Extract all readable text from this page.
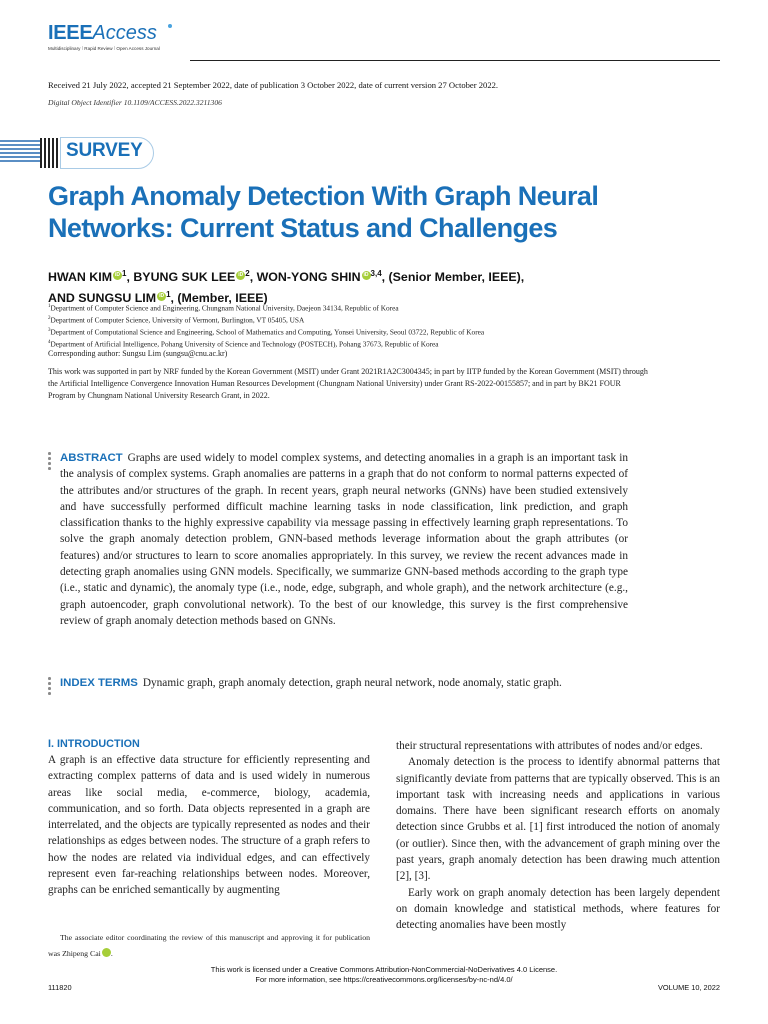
IEEEAccess
Multidisciplinary ⁞ Rapid Review ⁞ Open Access Journal
Received 21 July 2022, accepted 21 September 2022, date of publication 3 October 2022, date of current version 27 October 2022.
Digital Object Identifier 10.1109/ACCESS.2022.3211306
SURVEY
Graph Anomaly Detection With Graph Neural
Networks: Current Status and Challenges
HWAN KIM iD $^1$, BYUNG SUK LEE iD $^2$, WON-YONG SHIN iD $^{3,4}$, (Senior Member, IEEE),
AND SUNGSU LIM iD $^1$, (Member, IEEE)
$^1$Department of Computer Science and Engineering, Chungnam National University, Daejeon 34134, Republic of Korea
$^2$Department of Computer Science, University of Vermont, Burlington, VT 05405, USA
$^3$Department of Computational Science and Engineering, School of Mathematics and Computing, Yonsei University, Seoul 03722, Republic of Korea
$^4$Department of Artificial Intelligence, Pohang University of Science and Technology (POSTECH), Pohang 37673, Republic of Korea
Corresponding author: Sungsu Lim (sungsu@cnu.ac.kr)
This work was supported in part by NRF funded by the Korean Government (MSIT) under Grant 2021R1A2C3004345; in part by IITP funded by the Korean Government (MSIT) through the Artificial Intelligence Convergence Innovation Human Resources Development (Chungnam National University) under Grant RS-2022-00155857; and in part by BK21 FOUR Program by Chungnam National University Research Grant, in 2022.
ABSTRACT Graphs are used widely to model complex systems, and detecting anomalies in a graph is an important task in the analysis of complex systems. Graph anomalies are patterns in a graph that do not conform to normal patterns expected of the attributes and/or structures of the graph. In recent years, graph neural networks (GNNs) have been studied extensively and have successfully performed difficult machine learning tasks in node classification, link prediction, and graph classification thanks to the highly expressive capability via message passing in effectively learning graph representations. To solve the graph anomaly detection problem, GNN-based methods leverage information about the graph attributes (or features) and/or structures to learn to score anomalies appropriately. In this survey, we review the recent advances made in detecting graph anomalies using GNN models. Specifically, we summarize GNN-based methods according to the graph type (i.e., static and dynamic), the anomaly type (i.e., node, edge, subgraph, and whole graph), and the network architecture (e.g., graph autoencoder, graph convolutional network). To the best of our knowledge, this survey is the first comprehensive review of graph anomaly detection methods based on GNNs.
INDEX TERMS Dynamic graph, graph anomaly detection, graph neural network, node anomaly, static graph.
I. INTRODUCTION

A graph is an effective data structure for efficiently representing and extracting complex patterns of data and is used widely in numerous areas like social media, e-commerce, biology, academia, communication, and so forth. Data objects represented in a graph are interrelated, and the objects are typically represented as nodes and their relationships as edges between nodes. The structure of a graph refers to how the nodes are related via individual edges, and can effectively represent even far-reaching relationships between nodes. Moreover, graphs can be enriched semantically by augmenting

their structural representations with attributes of nodes and/or edges.

Anomaly detection is the process to identify abnormal patterns that significantly deviate from patterns that are typically observed. This is an important task with increasing needs and applications in various domains. There have been significant research efforts on anomaly detection since Grubbs et al. [1] first introduced the notion of anomaly (or outlier). Since then, with the advancement of graph mining over the past years, graph anomaly detection has been drawing much attention [2], [3].

Early work on graph anomaly detection has been largely dependent on domain knowledge and statistical methods, where features for detecting anomalies have been mostly

The associate editor coordinating the review of this manuscript and approving it for publication was Zhipeng Cai	iD.
This work is licensed under a Creative Commons Attribution-NonCommercial-NoDerivatives 4.0 License.
For more information, see https://creativecommons.org/licenses/by-nc-nd/4.0/
111820	VOLUME 10, 2022
